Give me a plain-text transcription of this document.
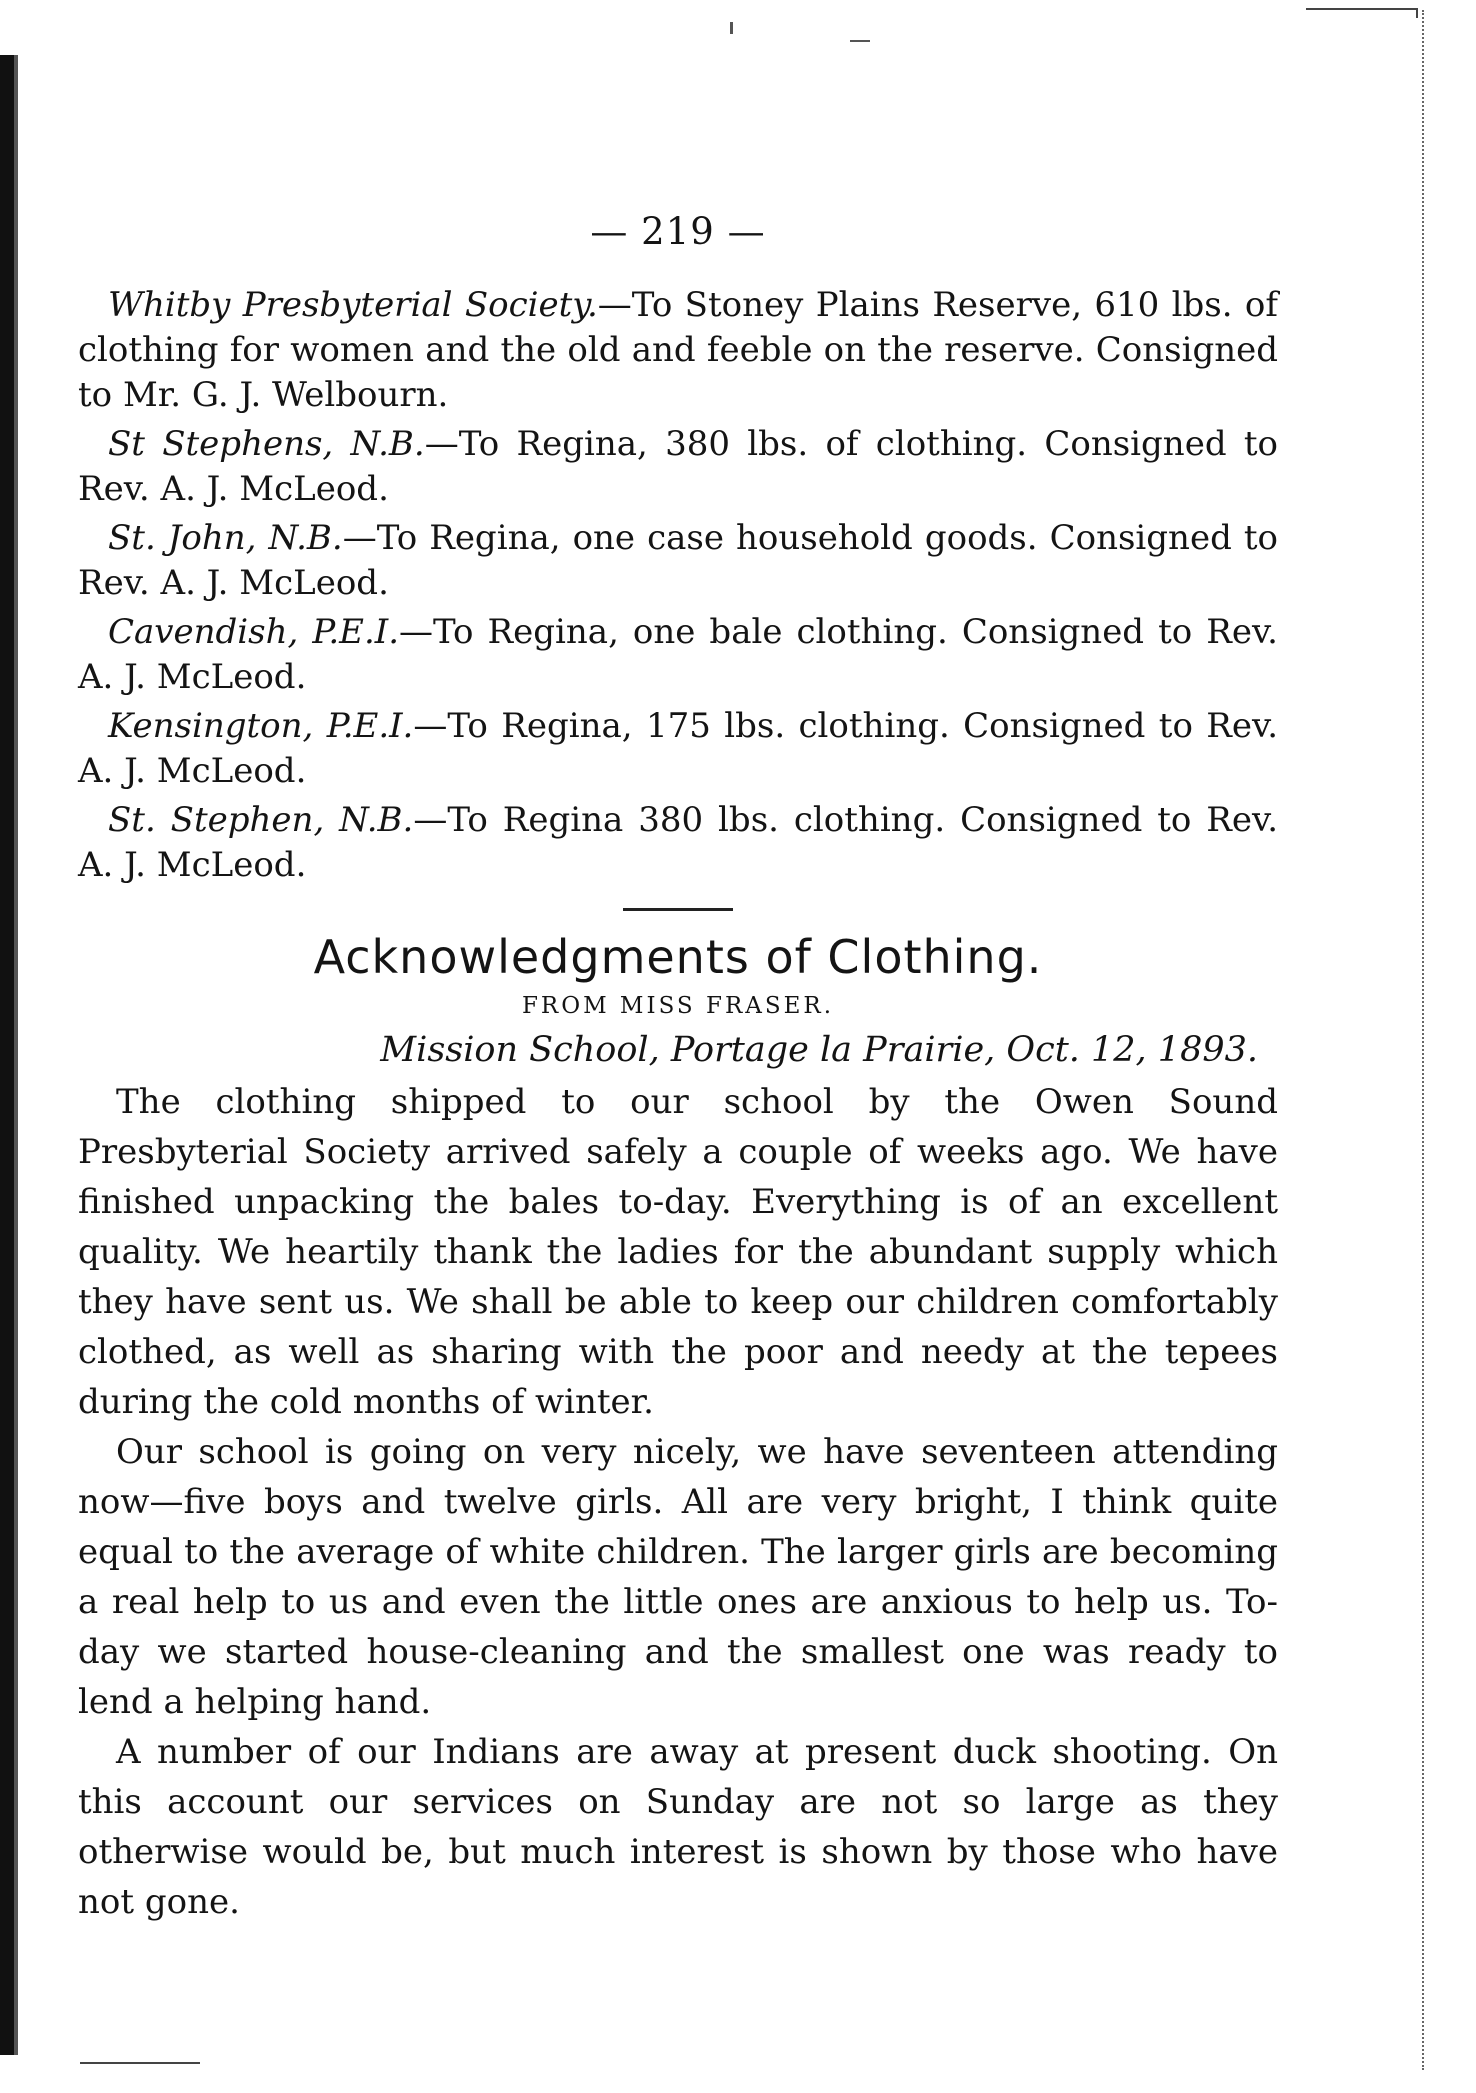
— 219 —

Whitby Presbyterial Society.—To Stoney Plains Reserve, 610 lbs. of clothing for women and the old and feeble on the reserve. Consigned to Mr. G. J. Welbourn.

St Stephens, N.B.—To Regina, 380 lbs. of clothing. Consigned to Rev. A. J. McLeod.

St. John, N.B.—To Regina, one case household goods. Consigned to Rev. A. J. McLeod.

Cavendish, P.E.I.—To Regina, one bale clothing. Consigned to Rev. A. J. McLeod.

Kensington, P.E.I.—To Regina, 175 lbs. clothing. Consigned to Rev. A. J. McLeod.

St. Stephen, N.B.—To Regina 380 lbs. clothing. Consigned to Rev. A. J. McLeod.

Acknowledgments of Clothing.
FROM MISS FRASER.
Mission School, Portage la Prairie, Oct. 12, 1893.

The clothing shipped to our school by the Owen Sound Presbyterial Society arrived safely a couple of weeks ago. We have finished unpacking the bales to-day. Everything is of an excellent quality. We heartily thank the ladies for the abundant supply which they have sent us. We shall be able to keep our children comfortably clothed, as well as sharing with the poor and needy at the tepees during the cold months of winter.

Our school is going on very nicely, we have seventeen attending now—five boys and twelve girls. All are very bright, I think quite equal to the average of white children. The larger girls are becoming a real help to us and even the little ones are anxious to help us. To-day we started house-cleaning and the smallest one was ready to lend a helping hand.

A number of our Indians are away at present duck shooting. On this account our services on Sunday are not so large as they otherwise would be, but much interest is shown by those who have not gone.
